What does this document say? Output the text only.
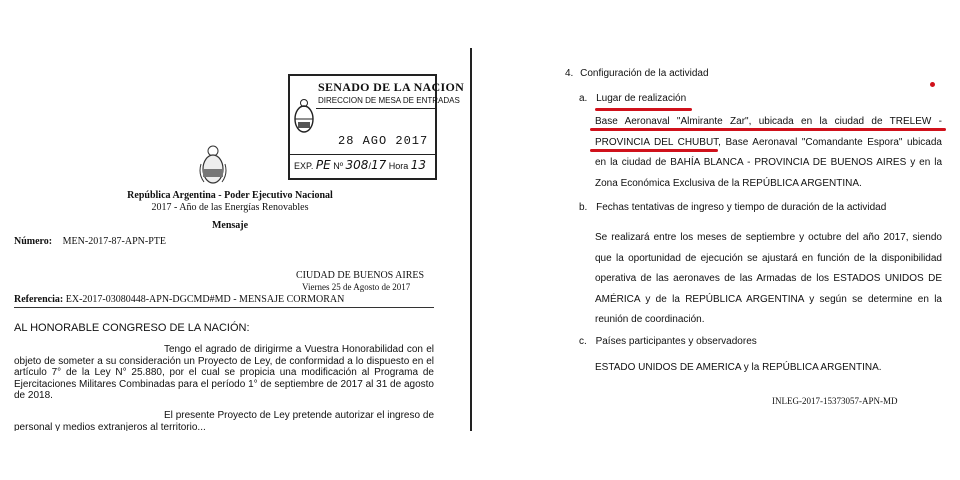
SENADO DE LA NACION
DIRECCION DE MESA DE ENTRADAS
28 AGO 2017
EXP. PE Nº 308/17 Hora 13
República Argentina - Poder Ejecutivo Nacional
2017 - Año de las Energías Renovables
Mensaje
Número: MEN-2017-87-APN-PTE
CIUDAD DE BUENOS AIRES
Viernes 25 de Agosto de 2017
Referencia: EX-2017-03080448-APN-DGCMD#MD - MENSAJE CORMORAN
AL HONORABLE CONGRESO DE LA NACIÓN:
Tengo el agrado de dirigirme a Vuestra Honorabilidad con el objeto de someter a su consideración un Proyecto de Ley, de conformidad a lo dispuesto en el artículo 7° de la Ley N° 25.880, por el cual se propicia una modificación al Programa de Ejercitaciones Militares Combinadas para el período 1° de septiembre de 2017 al 31 de agosto de 2018.
El presente Proyecto de Ley pretende autorizar el ingreso de personal y medios extranjeros al territorio...
4. Configuración de la actividad
a. Lugar de realización
Base Aeronaval "Almirante Zar", ubicada en la ciudad de TRELEW - PROVINCIA DEL CHUBUT, Base Aeronaval "Comandante Espora" ubicada en la ciudad de BAHÍA BLANCA - PROVINCIA DE BUENOS AIRES y en la Zona Económica Exclusiva de la REPÚBLICA ARGENTINA.
b. Fechas tentativas de ingreso y tiempo de duración de la actividad
Se realizará entre los meses de septiembre y octubre del año 2017, siendo que la oportunidad de ejecución se ajustará en función de la disponibilidad operativa de las aeronaves de las Armadas de los ESTADOS UNIDOS DE AMÉRICA y de la REPÚBLICA ARGENTINA y según se determine en la reunión de coordinación.
c. Países participantes y observadores
ESTADO UNIDOS DE AMERICA y la REPÚBLICA ARGENTINA.
INLEG-2017-15373057-APN-MD
